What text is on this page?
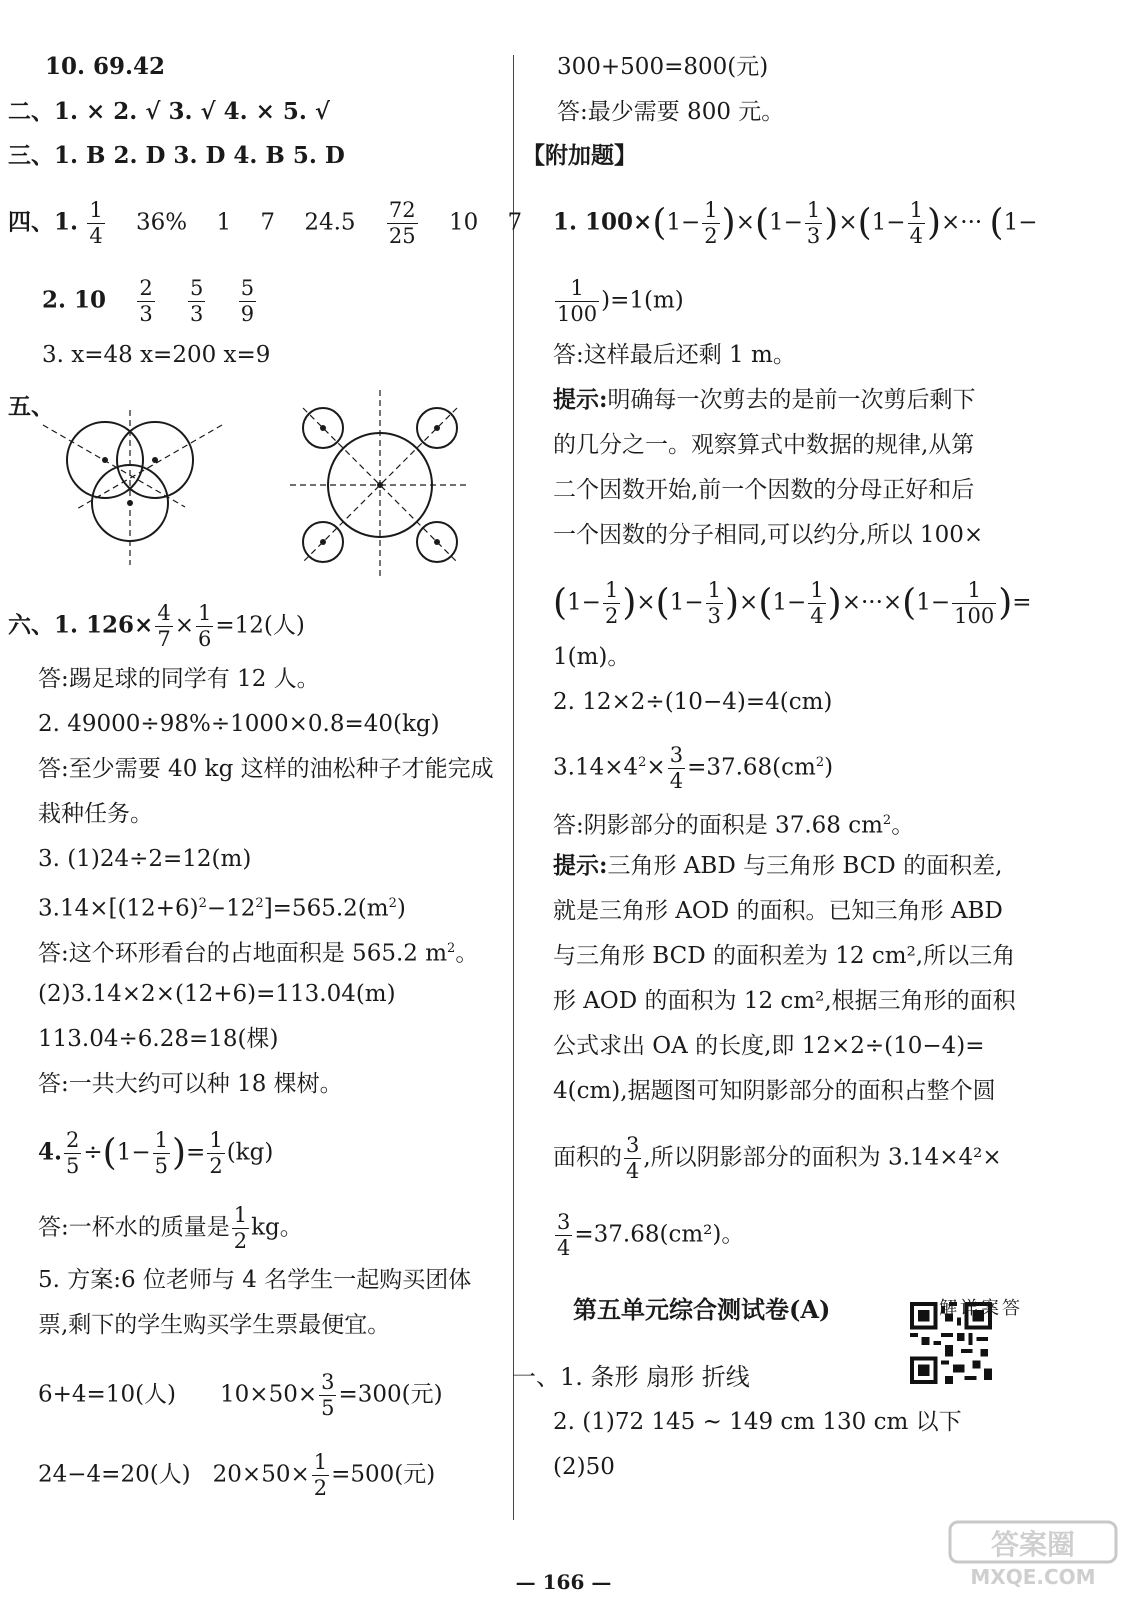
10. 69.42
二、1. × 2. √ 3. √ 4. × 5. √
三、1. B 2. D 3. D 4. B 5. D
四、1. $\frac{1}{4} 36\%$ 1 7 $24.5 \frac{72}{25} 10$ 7
2. $10 \frac{2}{3}$
$\frac{5}{3}$
$\frac{5}{9}$
3. x=48 x=200 x=9
五、
六、1. $126\times \frac{4}{7} \times \frac{1}{6} =12$(人)
答:踢足球的同学有 12 人。
2. 49000÷98%÷1000×0.8=40(kg)
答:至少需要 40 kg 这样的油松种子才能完成
栽种任务。
3. (1)24÷2=12(m)
$3.14\times[(12+6)^2-12^2]=565.2(m^2)$
答:这个环形看台的占地面积是 565.2 $m^2$。
(2)3.14×2×(12+6)=113.04(m)
113.04÷6.28=18(棵)
答:一共大约可以种 18 棵树。
4. $\frac{2}{5} \div(1- \frac{1}{5}$ )= $\frac{1}{2} (kg)$
答:一杯水的质量是 $\frac{1}{2}$ kg。
5. 方案:6 位老师与 4 名学生一起购买团体
票,剩下的学生购买学生票最便宜。
6+4=10(人) $10\times 50\times \frac{3}{5} =300$(元)
24−4=20(人) $20\times 50\times \frac{1}{2} =500$(元)
300+500=800(元)
答:最少需要 800 元。
【附加题】
1. $100\times(1- \frac{1}{2} )\times(1- \frac{1}{3} )\times(1- \frac{1}{4}$ )×··· (1−
$\frac{1}{100} )=1(m)$
答:这样最后还剩 1 m。
提示:明确每一次剪去的是前一次剪后剩下
的几分之一。观察算式中数据的规律,从第
二个因数开始,前一个因数的分母正好和后
一个因数的分子相同,可以约分,所以 100×
$(1- \frac{1}{2} )\times(1- \frac{1}{3} )\times(1- \frac{1}{4} )\times\cdot\cdot\cdot\times(1- \frac{1}{100}$ )=
1(m)。
2. 12×2÷(10−4)=4(cm)
$3.14\times 4^2\times \frac{3}{4} =37.68(cm^2)$
答:阴影部分的面积是 37.68 $cm^2$。
提示:三角形 ABD 与三角形 BCD 的面积差,
就是三角形 AOD 的面积。已知三角形 ABD
与三角形 BCD 的面积差为 12 cm²,所以三角
形 AOD 的面积为 12 cm²,根据三角形的面积
公式求出 OA 的长度,即 12×2÷(10−4)=
4(cm),据题图可知阴影部分的面积占整个圆
面积的 $\frac{3}{4}$ ,所以阴影部分的面积为 3.14×4²×
$\frac{3}{4} =37.68(cm^2)$。
第五单元综合测试卷(A)	答案详解
一、1. 条形 扇形 折线
2. (1)72 145 ~ 149 cm 130 cm 以下
(2)50
— 166 —
答案圈
MXQE.COM
